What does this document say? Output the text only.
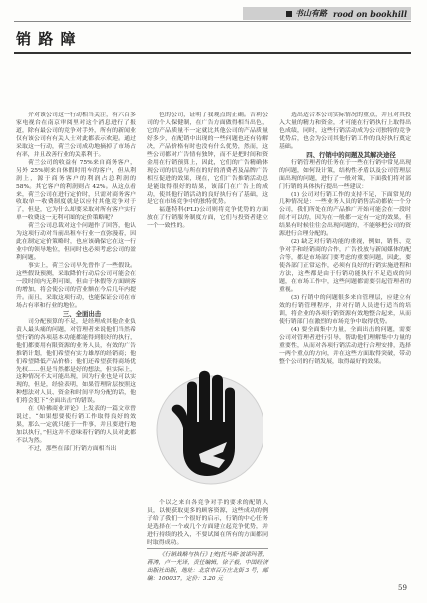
书山有路 rood on bookhill
销 路 障

介对该公司这一行动相当关注，有六百多家电视台在南京审阅里对这个消息进行了报道，除有最公司的竞争对手外，所有的新闻业仅有该公司有有关人士对此都表示欢迎。通过采取这一行动，荷兰公司成功地摘掉了市场占有率，并且改善行业的关系利于。

荷兰公司的收益有 75%来自商务客户，另外 25%则来自休假时用车的客户，但从利润上，源于商务客户的利润占总利润的 58%。其它客户的利润则占 42%。从这点看来，荷兰公司在进行定价时，只需对商务客户收取单一收费制度就是以应付其他竞争对于了，但是，它为什么却要采取对所有客户实行单一收费这一无利可图的定价策略呢？

荷兰公司总裁对这个问题作了回答，他认为这项行动对当前出租车行业一直弥漫着，因此在制定定价策略时，也应该确保它在这一行业中的领导地位，但同时也必须考虑公司的盈利问题。

事实上，荷兰公司早先曾作了一些假设。这些假设预测，采取降价行动后公司可能会在一段时间内无利可图，但由于休假等方面顾客的增加，将会使公司的营业额在今后几年内提升。而且，采取这项行动，也能保证公司在市场占有率和行业的地位。

三、全面出击

司分配预算的不足，是经理成其他企业负责人最头痛的问题，对管理者来说他们当然希望行销的各项基本功能都能得到很好的执行，他们都要用有限资源的业务人员，有效的广告推销计划，他们希望有实力雄厚的经销商；他们希望降低产品价格；他们还希望获得商场优先权……但是当然都是好的想法，但实际上，这种情况不太可能出现，因为行业也是可以实现的，但是，经验表明，如果管理阶层按照这种想法对人员、资金和时间平均分配的话，他们将会犯下“全面出击”的错误。

在《哈佛商业评论》上发表的一篇文章曾说过，“如果想要使行销工作取得良好的效果，那么一定就只能于一件事，并且要进行地加以执行，”但这并不意味着行销的人员对此都不以为然。

不过，那些在部门行销方面相当出

色的公司，证明了我观点的正确。吉利公司的个人保健制，在广告方面做得相当出色，它的产品质量不一定就比其他公司的产品质量好多少，在配销中出现的一些问题也还有待解决，产品价格有时也没有什么优势，然而，这些公司都对广告情有独钟，而不是把时间和资金用在行销预算上，因此，它们的广告精确体现公司的信息与所在的好的消费者及品牌广告相互促进的效果，现在，它们广告推销活动总是能取得很好的结果，该部门在广告上的成功，使其他行销活动的良好执行有了基础，这是它在市场竞争中的独特优势。

福蓬特科(FLI)公司则将竞争优势的方面放在了行销服务制度方面，它们与投资者建立一个一致性的。

个以之来自各竞争对手的要求的配销人员，以便获取更多的顾客资源，这些成功的例子给了我们一个很好的启示，行销的中心任务是选择在一个或几个方面建立起竞争优势，并进行持续的投入，不要试图在所有的方面都同时取得成功。

《行销战略与执行》[美]托马斯·波诺玛著，蒋涛，卢一光译，责任编辑，徐子毅，中国经济出版社出版，地址：北京市百万庄北街 3 号，邮编：100037，定价：3.20 元

选出适合本公司实际情况的重点，并且对其投入大量的精力和资金，才可能在行销执行上取得出色成绩，同时，这些行销活动成为公司独特的竞争优势后，也会为公司其他行销工作的良好执行奠定基础。

四、行销中的问题及其解决途径

行销管理者的任务在于一些在行销中常见出现的问题，如何设计策，结构性矛盾以及公司管理层面出现的问题，进行了一般对策，下面我们将对部门行销的具体执行提出一些建议：

(1) 公司对行销工作的支持不足，下面常见的几种情况是：一些业务人员的销售活动都依一个分公司，我们所处在的产品推广开始可能会在一段时间才可以的，因为在一般都一定有一定的效果，但结果有时候往往会出现问题的，不能够把公司的资源进行合理分配的。

(2) 缺乏对行销功能的重视，例如，销售、竞争对手和经销商的合作，广告投放与新闻媒体的配合等，都是市场部门要考虑的重要问题，因此，要使各部门正常运作，必须有良好的行销实施进程和方法，这些都是由于行销功能执行不足造成的问题，在市场工作中，这些问题都需要引起管理者的重视。

(3) 行销中的问题很多来自管理层，应建立有效的行销管理程序，并对行销人员进行适当的培训，将企业的各项行销资源有效地整合起来，从而使行销部门在激烈的市场竞争中取得优势。

(4) 要全面集中力量，全面出击的问题，需要公司对管理者进行引导，帮助他们理解集中力量的重要性，从而对各项行销活动进行合理安排，选择一两个重点的方向，并在这些方面取得突破，带动整个公司的行销发展，取得最好的效果。

59
